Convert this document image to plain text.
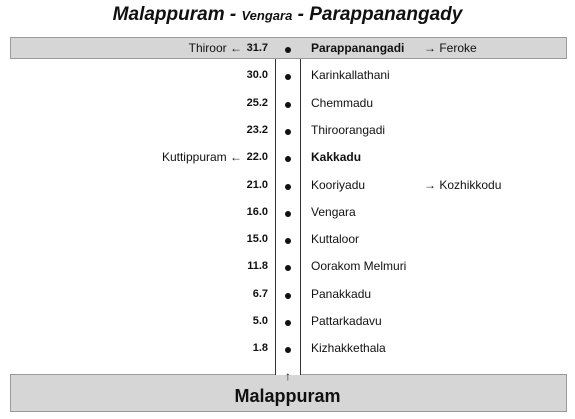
Malappuram - Vengara - Parappanangady
Thiroor ← 31.7	Parappanangadi → Feroke
30.0	Karinkallathani
25.2	Chemmadu
23.2	Thiroorangadi
Kuttippuram ← 22.0	Kakkadu
21.0	Kooriyadu	→ Kozhikkodu
16.0	Vengara
15.0	Kuttaloor
11.8	Oorakom Melmuri
6.7	Panakkadu
5.0	Pattarkadavu
1.8	Kizhakkethala
↑
Malappuram
